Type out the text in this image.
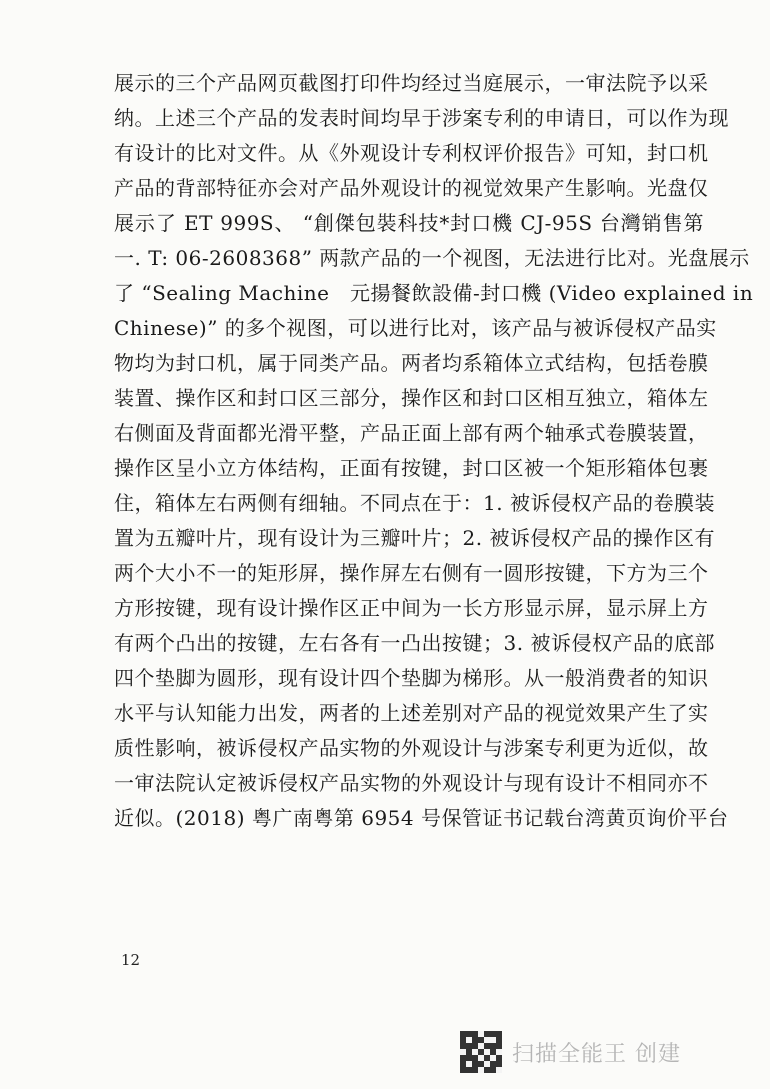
展示的三个产品网页截图打印件均经过当庭展示，一审法院予以采
纳。上述三个产品的发表时间均早于涉案专利的申请日，可以作为现
有设计的比对文件。从《外观设计专利权评价报告》可知，封口机
产品的背部特征亦会对产品外观设计的视觉效果产生影响。光盘仅
展示了 ET 999S、 “創傑包裝科技*封口機 CJ-95S 台灣销售第
一. T: 06-2608368” 两款产品的一个视图，无法进行比对。光盘展示
了 “Sealing Machine　元揚餐飲設備-封口機 (Video explained in
Chinese)” 的多个视图，可以进行比对，该产品与被诉侵权产品实
物均为封口机，属于同类产品。两者均系箱体立式结构，包括卷膜
装置、操作区和封口区三部分，操作区和封口区相互独立，箱体左
右侧面及背面都光滑平整，产品正面上部有两个轴承式卷膜装置，
操作区呈小立方体结构，正面有按键，封口区被一个矩形箱体包裹
住，箱体左右两侧有细轴。不同点在于：1. 被诉侵权产品的卷膜装
置为五瓣叶片，现有设计为三瓣叶片；2. 被诉侵权产品的操作区有
两个大小不一的矩形屏，操作屏左右侧有一圆形按键，下方为三个
方形按键，现有设计操作区正中间为一长方形显示屏，显示屏上方
有两个凸出的按键，左右各有一凸出按键；3. 被诉侵权产品的底部
四个垫脚为圆形，现有设计四个垫脚为梯形。从一般消费者的知识
水平与认知能力出发，两者的上述差别对产品的视觉效果产生了实
质性影响，被诉侵权产品实物的外观设计与涉案专利更为近似，故
一审法院认定被诉侵权产品实物的外观设计与现有设计不相同亦不
近似。(2018) 粤广南粤第 6954 号保管证书记载台湾黄页询价平台
12
扫描全能王 创建
